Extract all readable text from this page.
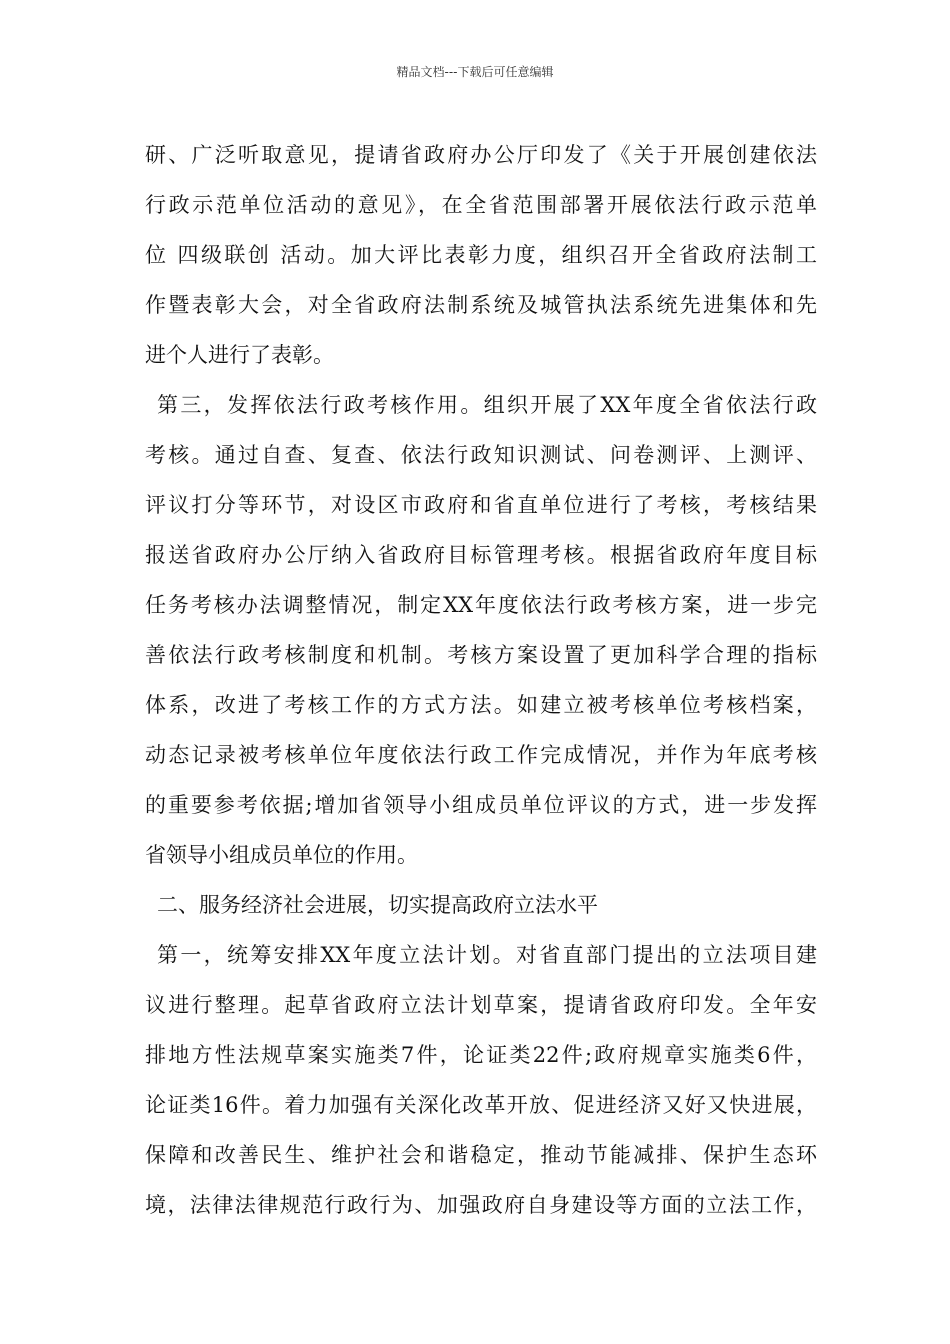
精品文档---下载后可任意编辑
研、广泛听取意见，提请省政府办公厅印发了《关于开展创建依法
行政示范单位活动的意见》，在全省范围部署开展依法行政示范单
位 四级联创 活动。加大评比表彰力度，组织召开全省政府法制工
作暨表彰大会，对全省政府法制系统及城管执法系统先进集体和先
进个人进行了表彰。
第三，发挥依法行政考核作用。组织开展了XX年度全省依法行政
考核。通过自查、复查、依法行政知识测试、问卷测评、上测评、
评议打分等环节，对设区市政府和省直单位进行了考核，考核结果
报送省政府办公厅纳入省政府目标管理考核。根据省政府年度目标
任务考核办法调整情况，制定XX年度依法行政考核方案，进一步完
善依法行政考核制度和机制。考核方案设置了更加科学合理的指标
体系，改进了考核工作的方式方法。如建立被考核单位考核档案，
动态记录被考核单位年度依法行政工作完成情况，并作为年底考核
的重要参考依据;增加省领导小组成员单位评议的方式，进一步发挥
省领导小组成员单位的作用。
二、服务经济社会进展，切实提高政府立法水平
第一，统筹安排XX年度立法计划。对省直部门提出的立法项目建
议进行整理。起草省政府立法计划草案，提请省政府印发。全年安
排地方性法规草案实施类7件，论证类22件;政府规章实施类6件，
论证类16件。着力加强有关深化改革开放、促进经济又好又快进展，
保障和改善民生、维护社会和谐稳定，推动节能减排、保护生态环
境，法律法律规范行政行为、加强政府自身建设等方面的立法工作，
